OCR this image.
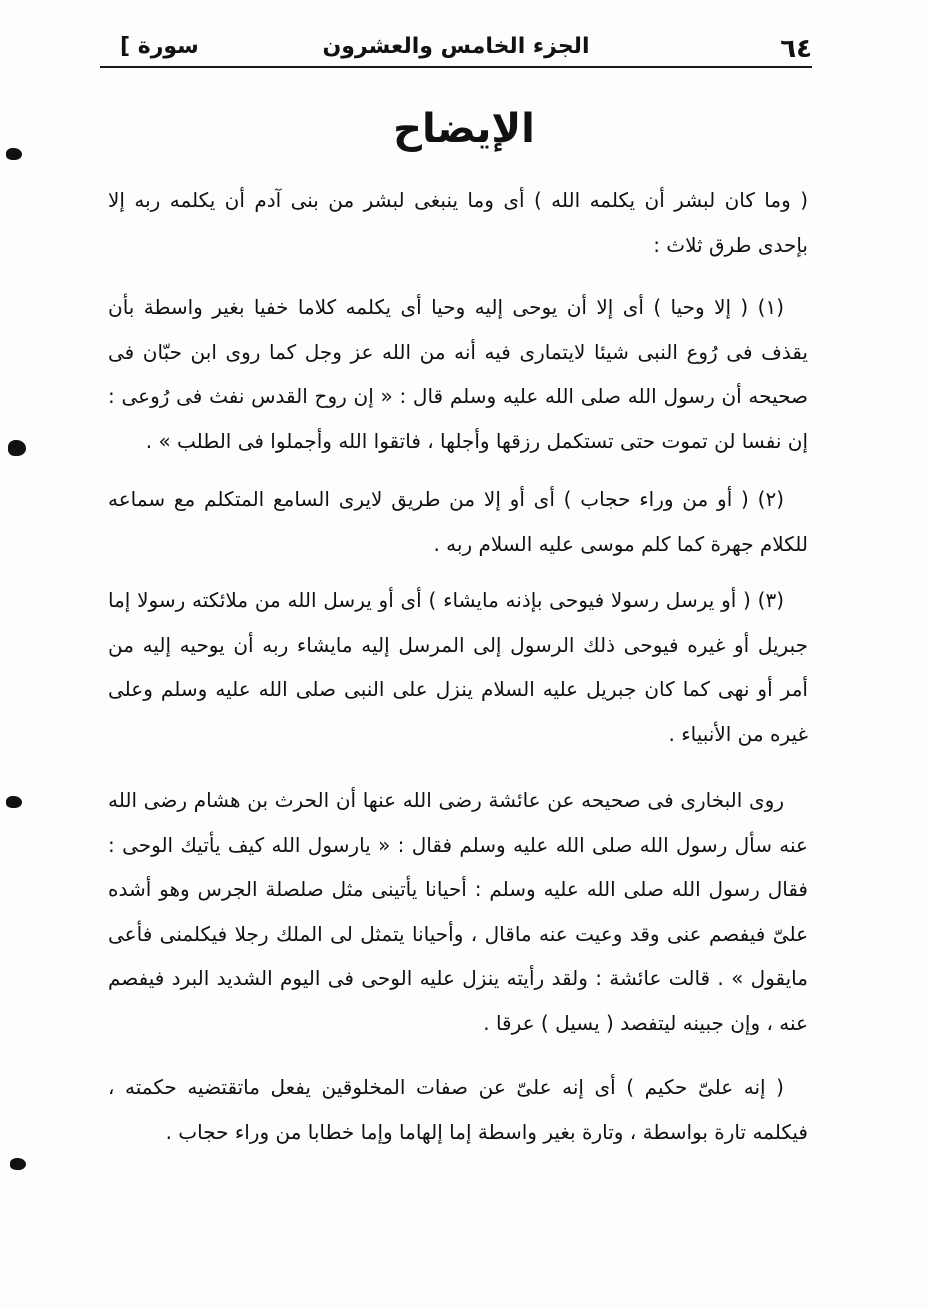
٦٤
الجزء الخامس والعشرون
سورة ]
الإيضاح

( وما كان لبشر أن يكلمه الله ) أى وما ينبغى لبشر من بنى آدم أن يكلمه ربه إلا بإحدى طرق ثلاث :

(١) ( إلا وحيا ) أى إلا أن يوحى إليه وحيا أى يكلمه كلاما خفيا بغير واسطة بأن يقذف فى رُوع النبى شيئا لايتمارى فيه أنه من الله عز وجل كما روى ابن حبّان فى صحيحه أن رسول الله صلى الله عليه وسلم قال : « إن روح القدس نفث فى رُوعى : إن نفسا لن تموت حتى تستكمل رزقها وأجلها ، فاتقوا الله وأجملوا فى الطلب » .

(٢) ( أو من وراء حجاب ) أى أو إلا من طريق لايرى السامع المتكلم مع سماعه للكلام جهرة كما كلم موسى عليه السلام ربه .

(٣) ( أو يرسل رسولا فيوحى بإذنه مايشاء ) أى أو يرسل الله من ملائكته رسولا إما جبريل أو غيره فيوحى ذلك الرسول إلى المرسل إليه مايشاء ربه أن يوحيه إليه من أمر أو نهى كما كان جبريل عليه السلام ينزل على النبى صلى الله عليه وسلم وعلى غيره من الأنبياء .

روى البخارى فى صحيحه عن عائشة رضى الله عنها أن الحرث بن هشام رضى الله عنه سأل رسول الله صلى الله عليه وسلم فقال : « يارسول الله كيف يأتيك الوحى : فقال رسول الله صلى الله عليه وسلم : أحيانا يأتينى مثل صلصلة الجرس وهو أشده علىّ فيفصم عنى وقد وعيت عنه ماقال ، وأحيانا يتمثل لى الملك رجلا فيكلمنى فأعى مايقول » . قالت عائشة : ولقد رأيته ينزل عليه الوحى فى اليوم الشديد البرد فيفصم عنه ، وإن جبينه ليتفصد ( يسيل ) عرقا .

( إنه علىّ حكيم ) أى إنه علىّ عن صفات المخلوقين يفعل ماتقتضيه حكمته ، فيكلمه تارة بواسطة ، وتارة بغير واسطة إما إلهاما وإما خطابا من وراء حجاب .
